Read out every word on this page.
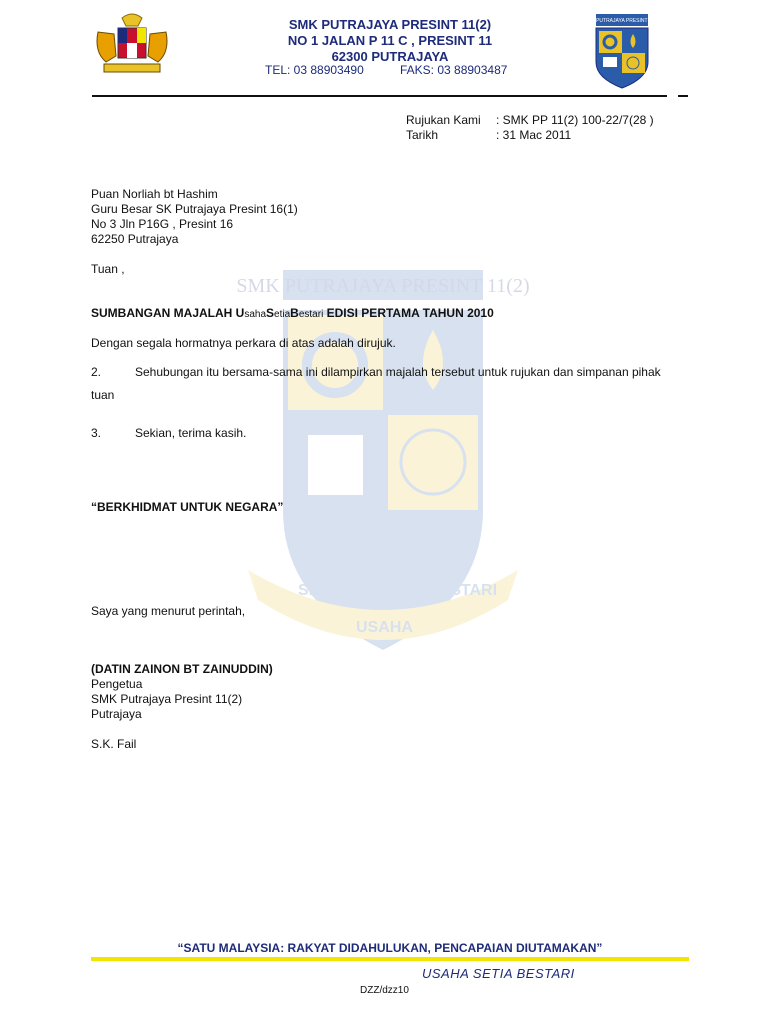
SMK PUTRAJAYA PRESINT 11(2)
SETIA
USAHA
BESTARI
SMK PUTRAJAYA PRESINT 11(2)
NO 1 JALAN P 11 C , PRESINT 11
62300 PUTRAJAYA
TEL: 03 88903490	FAKS: 03 88903487
SMK PUTRAJAYA PRESINT 11(2)
Rujukan Kami : SMK PP 11(2) 100-22/7(28 )
Tarikh	: 31 Mac 2011
Puan Norliah bt Hashim
Guru Besar SK Putrajaya Presint 16(1)
No 3 Jln P16G , Presint 16
62250 Putrajaya
Tuan ,
SUMBANGAN MAJALAH UsahaSetiaBestari EDISI PERTAMA TAHUN 2010
Dengan segala hormatnya perkara di atas adalah dirujuk.
2.	Sehubungan itu bersama-sama ini dilampirkan majalah tersebut untuk rujukan dan simpanan pihak
tuan
3.	Sekian, terima kasih.
“BERKHIDMAT UNTUK NEGARA”
Saya yang menurut perintah,
(DATIN ZAINON BT ZAINUDDIN)
Pengetua
SMK Putrajaya Presint 11(2)
Putrajaya
S.K. Fail
“SATU MALAYSIA: RAKYAT DIDAHULUKAN, PENCAPAIAN DIUTAMAKAN”
USAHA SETIA BESTARI
DZZ/dzz10
